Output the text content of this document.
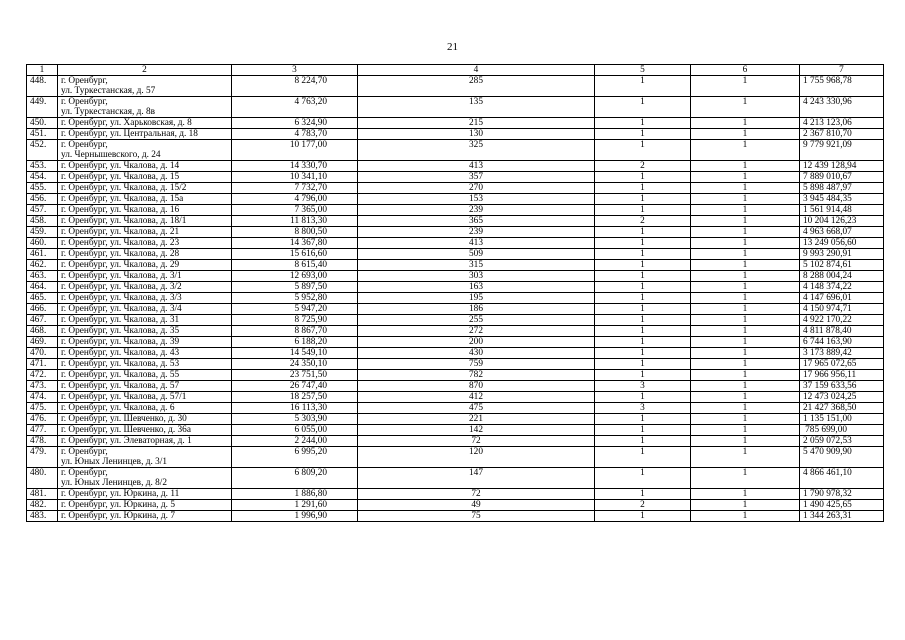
21
1	2	3	4	5	6	7
448.	г. Оренбург,
ул. Туркестанская, д. 57	8 224,70	285	1	1	1 755 968,78
449.	г. Оренбург,
ул. Туркестанская, д. 8в	4 763,20	135	1	1	4 243 330,96
450.	г. Оренбург, ул. Харьковская, д. 8	6 324,90	215	1	1	4 213 123,06
451.	г. Оренбург, ул. Центральная, д. 18	4 783,70	130	1	1	2 367 810,70
452.	г. Оренбург,
ул. Чернышевского, д. 24	10 177,00	325	1	1	9 779 921,09
453.	г. Оренбург, ул. Чкалова, д. 14	14 330,70	413	2	1	12 439 128,94
454.	г. Оренбург, ул. Чкалова, д. 15	10 341,10	357	1	1	7 889 010,67
455.	г. Оренбург, ул. Чкалова, д. 15/2	7 732,70	270	1	1	5 898 487,97
456.	г. Оренбург, ул. Чкалова, д. 15а	4 796,00	153	1	1	3 945 484,35
457.	г. Оренбург, ул. Чкалова, д. 16	7 365,00	239	1	1	1 561 914,48
458.	г. Оренбург, ул. Чкалова, д. 18/1	11 813,30	365	2	1	10 204 126,23
459.	г. Оренбург, ул. Чкалова, д. 21	8 800,50	239	1	1	4 963 668,07
460.	г. Оренбург, ул. Чкалова, д. 23	14 367,80	413	1	1	13 249 056,60
461.	г. Оренбург, ул. Чкалова, д. 28	15 616,60	509	1	1	9 993 290,91
462.	г. Оренбург, ул. Чкалова, д. 29	8 615,40	315	1	1	5 102 874,61
463.	г. Оренбург, ул. Чкалова, д. 3/1	12 693,00	303	1	1	8 288 004,24
464.	г. Оренбург, ул. Чкалова, д. 3/2	5 897,50	163	1	1	4 148 374,22
465.	г. Оренбург, ул. Чкалова, д. 3/3	5 952,80	195	1	1	4 147 696,01
466.	г. Оренбург, ул. Чкалова, д. 3/4	5 947,20	186	1	1	4 150 974,71
467.	г. Оренбург, ул. Чкалова, д. 31	8 725,90	255	1	1	4 922 170,22
468.	г. Оренбург, ул. Чкалова, д. 35	8 867,70	272	1	1	4 811 878,40
469.	г. Оренбург, ул. Чкалова, д. 39	6 188,20	200	1	1	6 744 163,90
470.	г. Оренбург, ул. Чкалова, д. 43	14 549,10	430	1	1	3 173 889,42
471.	г. Оренбург, ул. Чкалова, д. 53	24 350,10	759	1	1	17 965 072,65
472.	г. Оренбург, ул. Чкалова, д. 55	23 751,50	782	1	1	17 966 956,11
473.	г. Оренбург, ул. Чкалова, д. 57	26 747,40	870	3	1	37 159 633,56
474.	г. Оренбург, ул. Чкалова, д. 57/1	18 257,50	412	1	1	12 473 024,25
475.	г. Оренбург, ул. Чкалова, д. 6	16 113,30	475	3	1	21 427 368,50
476.	г. Оренбург, ул. Шевченко, д. 30	5 303,90	221	1	1	1 135 151,00
477.	г. Оренбург, ул. Шевченко, д. 36а	6 055,00	142	1	1	785 699,00
478.	г. Оренбург, ул. Элеваторная, д. 1	2 244,00	72	1	1	2 059 072,53
479.	г. Оренбург,
ул. Юных Ленинцев, д. 3/1	6 995,20	120	1	1	5 470 909,90
480.	г. Оренбург,
ул. Юных Ленинцев, д. 8/2	6 809,20	147	1	1	4 866 461,10
481.	г. Оренбург, ул. Юркина, д. 11	1 886,80	72	1	1	1 790 978,32
482.	г. Оренбург, ул. Юркина, д. 5	1 291,60	49	2	1	1 490 425,65
483.	г. Оренбург, ул. Юркина, д. 7	1 996,90	75	1	1	1 344 263,31
